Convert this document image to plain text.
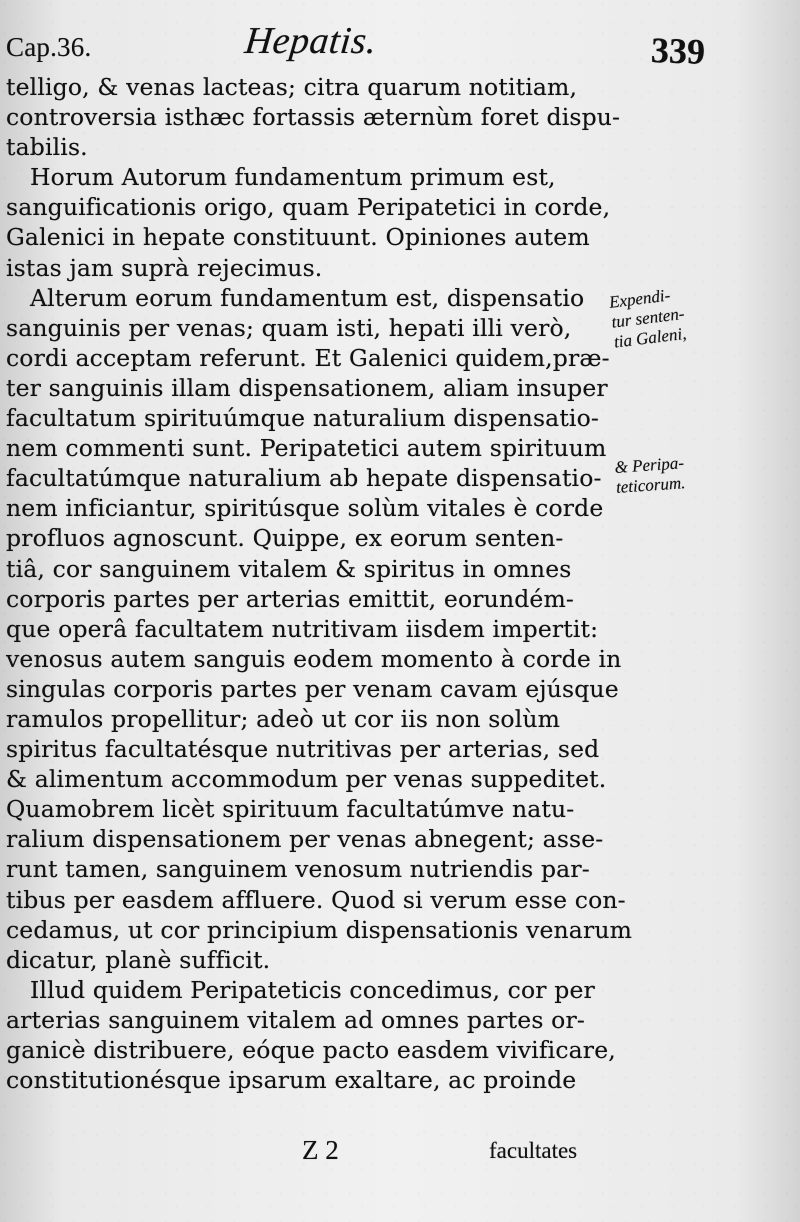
Cap.36.	Hepatis.	339
telligo, & venas lacteas; citra quarum notitiam,
controversia isthæc fortassis æternùm foret dispu-
tabilis.
Horum Autorum fundamentum primum est,
sanguificationis origo, quam Peripatetici in corde,
Galenici in hepate constituunt. Opiniones autem
istas jam suprà rejecimus.
Alterum eorum fundamentum est, dispensatio
sanguinis per venas; quam isti, hepati illi verò,
cordi acceptam referunt. Et Galenici quidem,præ-
ter sanguinis illam dispensationem, aliam insuper
facultatum spirituúmque naturalium dispensatio-
nem commenti sunt. Peripatetici autem spirituum
facultatúmque naturalium ab hepate dispensatio-
nem inficiantur, spiritúsque solùm vitales è corde
profluos agnoscunt. Quippe, ex eorum senten-
tiâ, cor sanguinem vitalem & spiritus in omnes
corporis partes per arterias emittit, eorundém-
que operâ facultatem nutritivam iisdem impertit:
venosus autem sanguis eodem momento à corde in
singulas corporis partes per venam cavam ejúsque
ramulos propellitur; adeò ut cor iis non solùm
spiritus facultatésque nutritivas per arterias, sed
& alimentum accommodum per venas suppeditet.
Quamobrem licèt spirituum facultatúmve natu-
ralium dispensationem per venas abnegent; asse-
runt tamen, sanguinem venosum nutriendis par-
tibus per easdem affluere. Quod si verum esse con-
cedamus, ut cor principium dispensationis venarum
dicatur, planè sufficit.
Illud quidem Peripateticis concedimus, cor per
arterias sanguinem vitalem ad omnes partes or-
ganicè distribuere, eóque pacto easdem vivificare,
constitutionésque ipsarum exaltare, ac proinde
Expendi-
tur senten-
tia Galeni,
& Peripa-
teticorum.
Z 2	facultates
